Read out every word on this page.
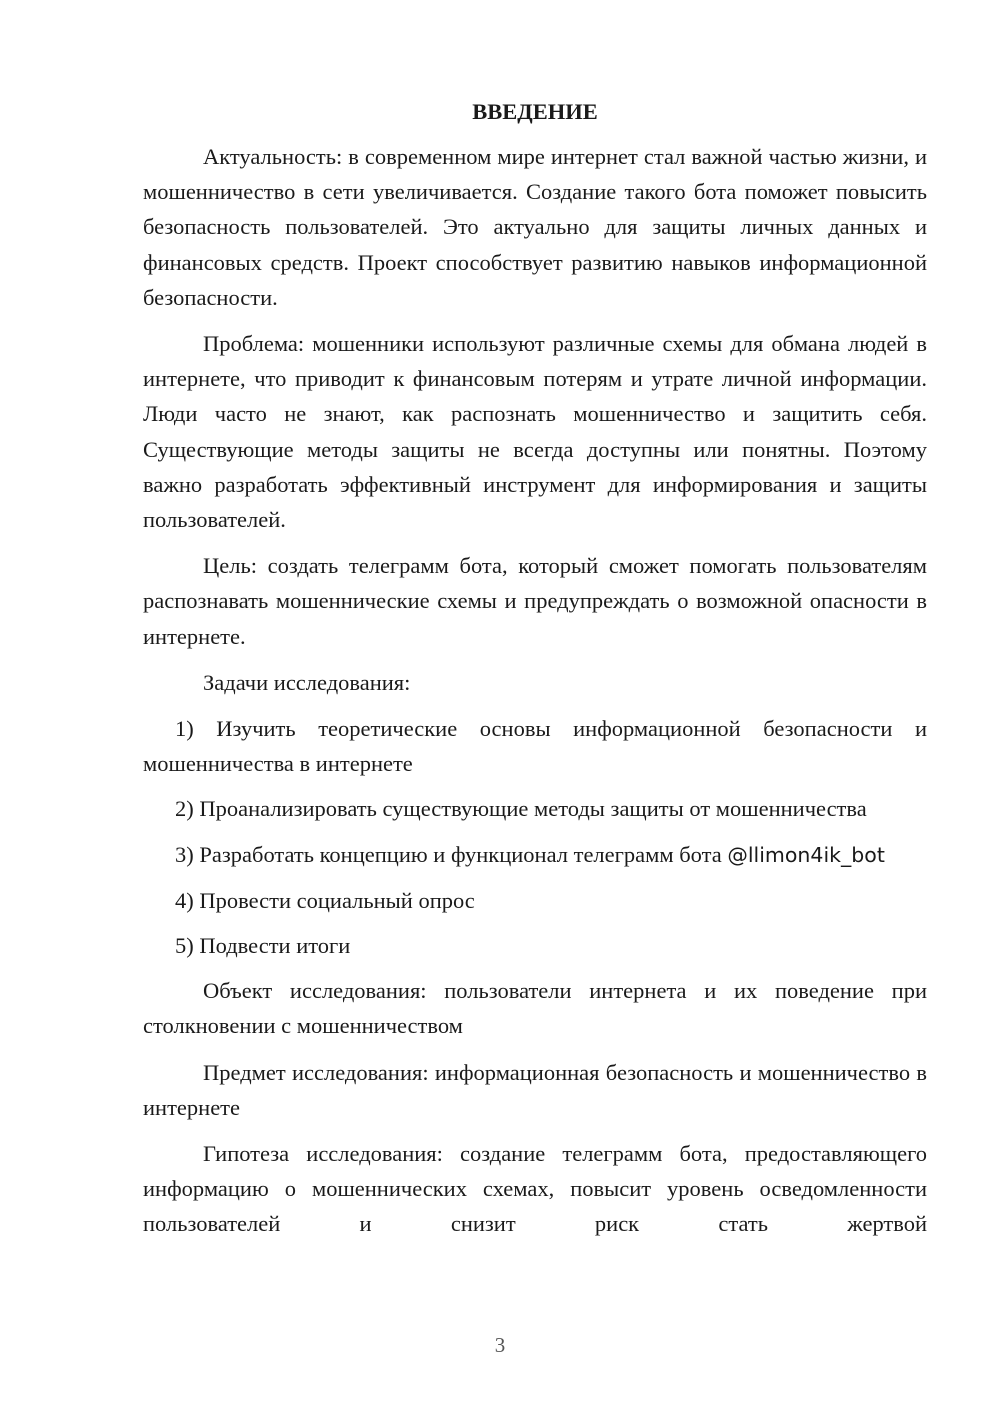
ВВЕДЕНИЕ

Актуальность: в современном мире интернет стал важной частью жизни, и мошенничество в сети увеличивается. Создание такого бота поможет повысить безопасность пользователей. Это актуально для защиты личных данных и финансовых средств. Проект способствует развитию навыков информационной безопасности.

Проблема: мошенники используют различные схемы для обмана людей в интернете, что приводит к финансовым потерям и утрате личной информации. Люди часто не знают, как распознать мошенничество и защитить себя. Существующие методы защиты не всегда доступны или понятны. Поэтому важно разработать эффективный инструмент для информирования и защиты пользователей.

Цель: создать телеграмм бота, который сможет помогать пользователям распознавать мошеннические схемы и предупреждать о возможной опасности в интернете.

Задачи исследования:

1) Изучить теоретические основы информационной безопасности и мошенничества в интернете

2) Проанализировать существующие методы защиты от мошенничества

3) Разработать концепцию и функционал телеграмм бота @llimon4ik_bot

4) Провести социальный опрос

5) Подвести итоги

Объект исследования: пользователи интернета и их поведение при столкновении с мошенничеством

Предмет исследования: информационная безопасность и мошенничество в интернете

Гипотеза исследования: создание телеграмм бота, предоставляющего информацию о мошеннических схемах, повысит уровень осведомленности пользователей и снизит риск стать жертвой

3
